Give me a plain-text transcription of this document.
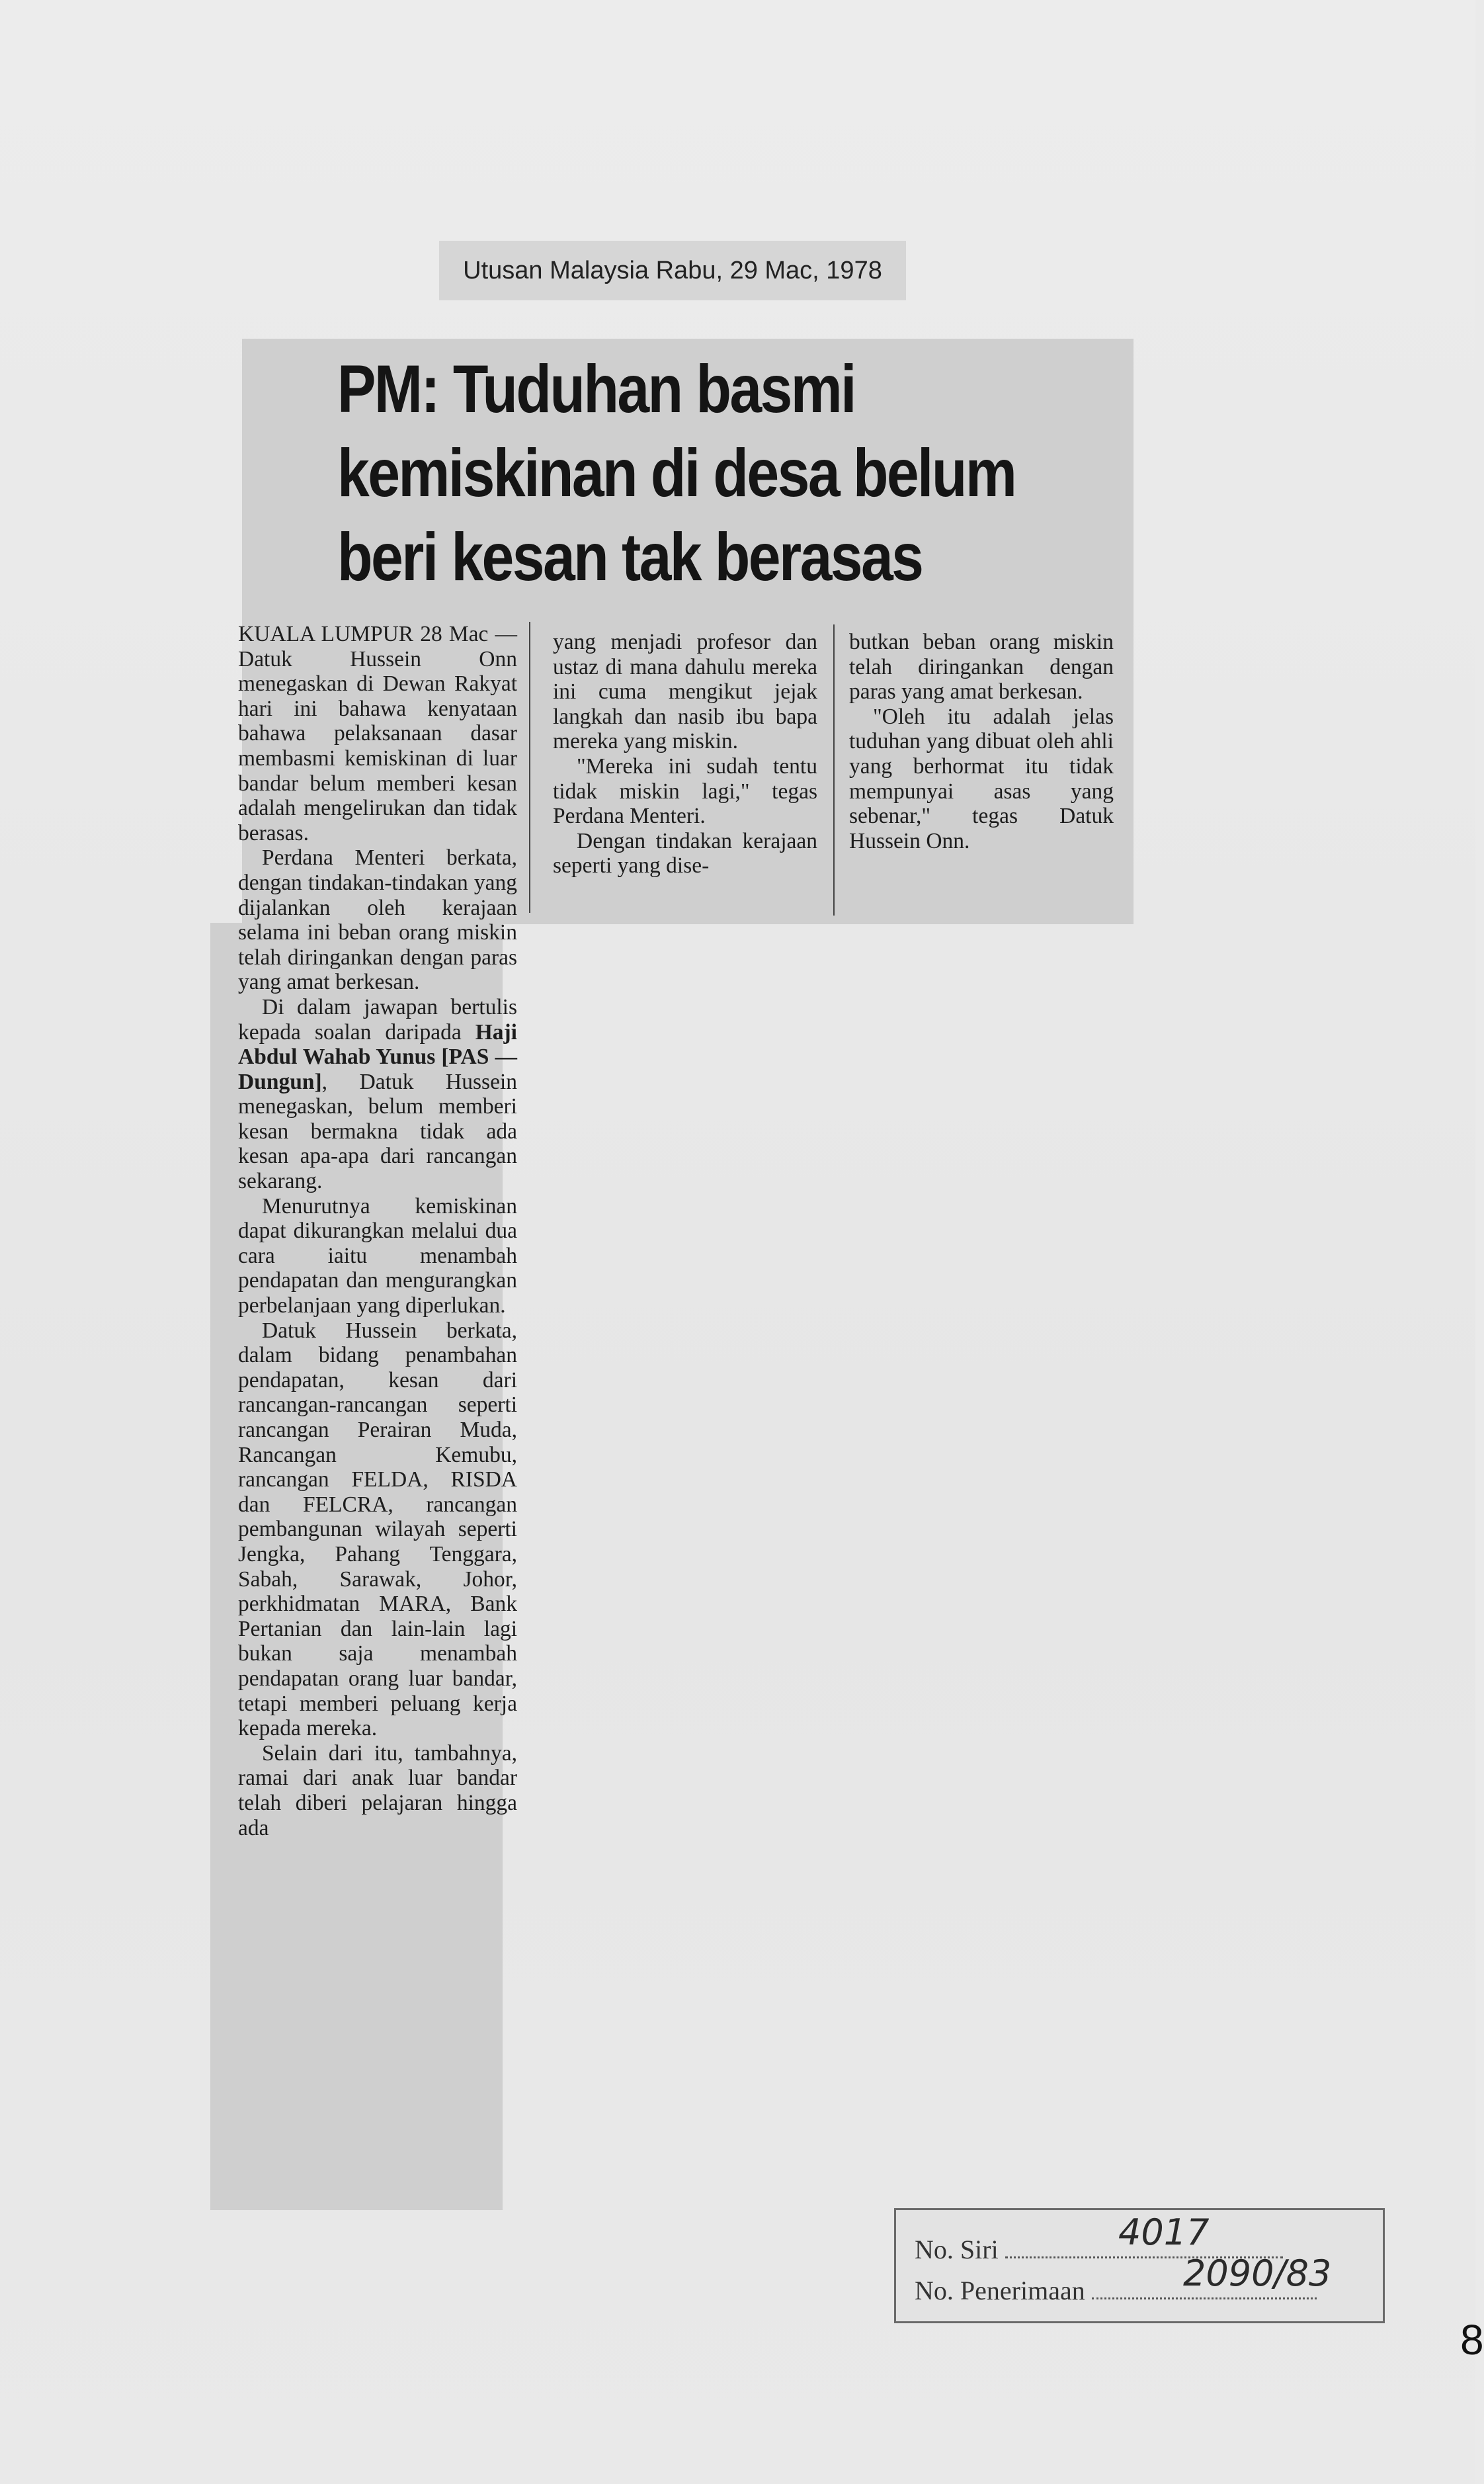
Utusan Malaysia Rabu, 29 Mac, 1978
PM: Tuduhan basmi
kemiskinan di desa belum
beri kesan tak berasas

KUALA LUMPUR 28 Mac — Datuk Hussein Onn menegaskan di Dewan Rakyat hari ini bahawa kenyataan bahawa pelaksanaan dasar membasmi kemiskinan di luar bandar belum memberi kesan adalah mengelirukan dan tidak berasas.

Perdana Menteri berkata, dengan tindakan-tindakan yang dijalankan oleh kerajaan selama ini beban orang miskin telah diringankan dengan paras yang amat berkesan.

Di dalam jawapan bertulis kepada soalan daripada Haji Abdul Wahab Yunus [PAS — Dungun], Datuk Hussein menegaskan, belum memberi kesan bermakna tidak ada kesan apa-apa dari rancangan sekarang.

Menurutnya kemiskinan dapat dikurangkan melalui dua cara iaitu menambah pendapatan dan mengurangkan perbelanjaan yang diperlukan.

Datuk Hussein berkata, dalam bidang penambahan pendapatan, kesan dari rancangan-rancangan seperti rancangan Perairan Muda, Rancangan Kemubu, rancangan FELDA, RISDA dan FELCRA, rancangan pembangunan wilayah seperti Jengka, Pahang Tenggara, Sabah, Sarawak, Johor, perkhidmatan MARA, Bank Pertanian dan lain-lain lagi bukan saja menambah pendapatan orang luar bandar, tetapi memberi peluang kerja kepada mereka.

Selain dari itu, tambahnya, ramai dari anak luar bandar telah diberi pelajaran hingga ada

yang menjadi profesor dan ustaz di mana dahulu mereka ini cuma mengikut jejak langkah dan nasib ibu bapa mereka yang miskin.

"Mereka ini sudah tentu tidak miskin lagi," tegas Perdana Menteri.

Dengan tindakan kerajaan seperti yang dise-

butkan beban orang miskin telah diringankan dengan paras yang amat berkesan.

"Oleh itu adalah jelas tuduhan yang dibuat oleh ahli yang berhormat itu tidak mempunyai asas yang sebenar," tegas Datuk Hussein Onn.

No. Siri	4017
No. Penerimaan	2090/83
8
